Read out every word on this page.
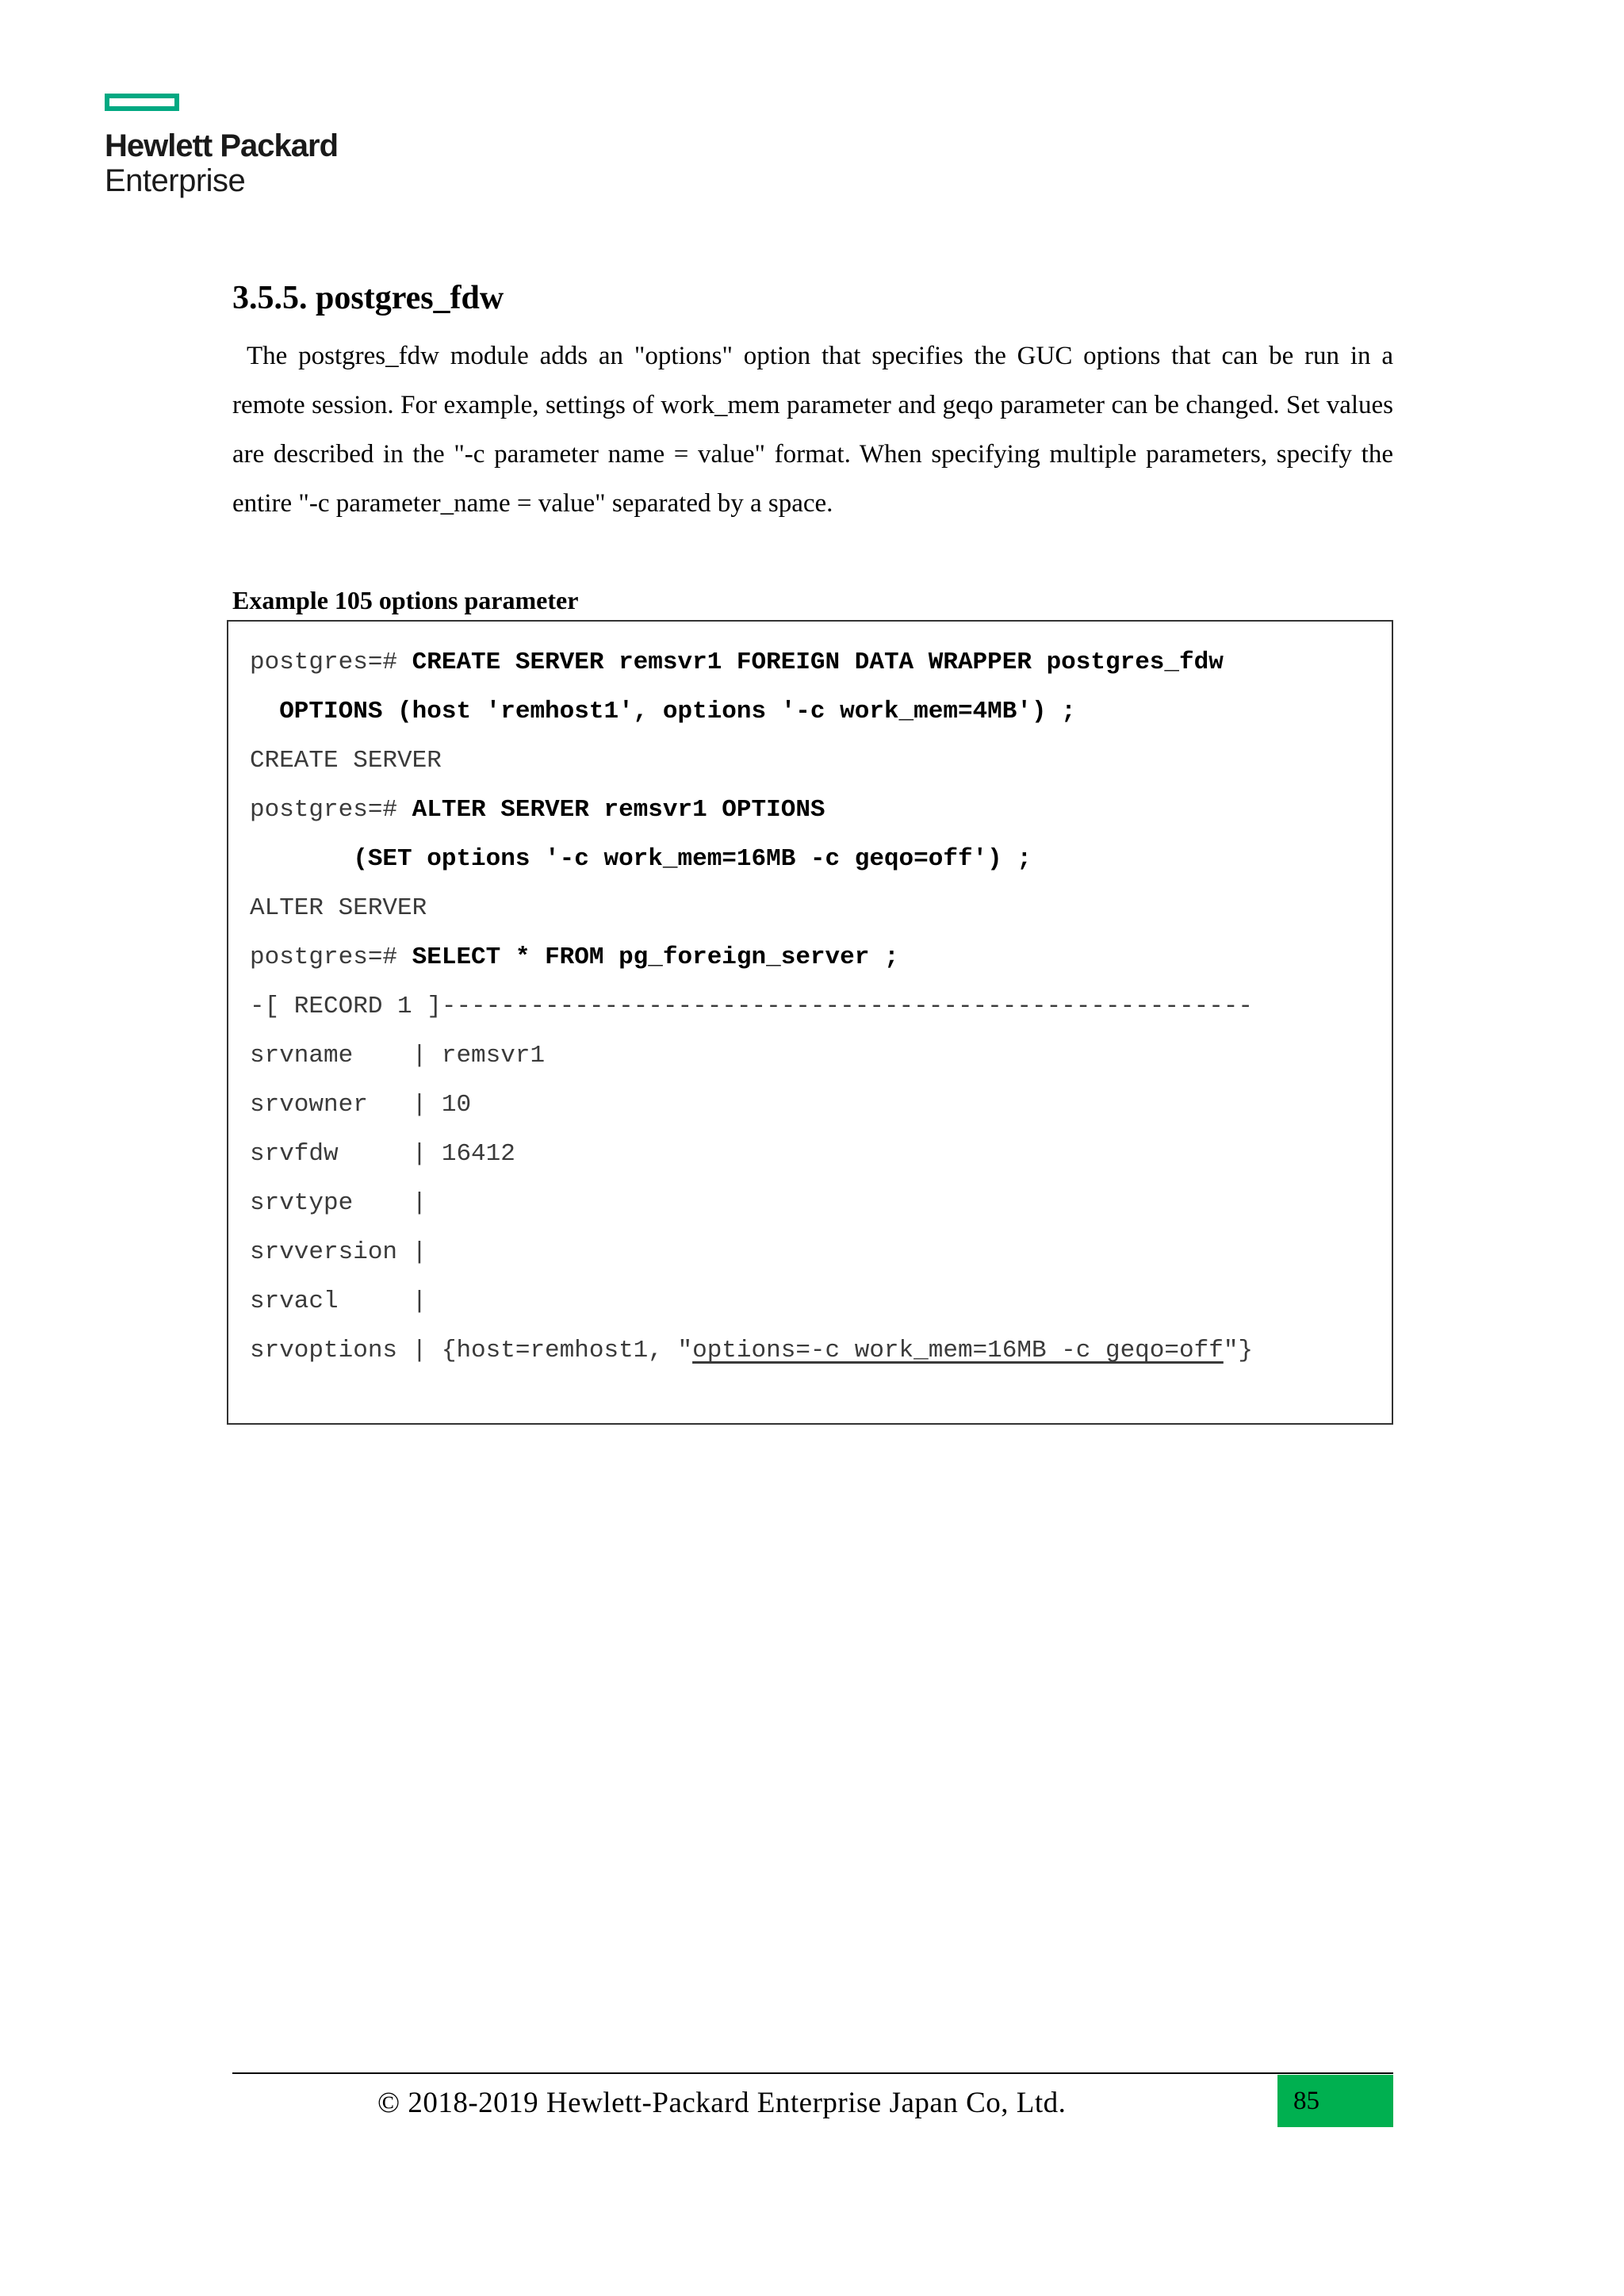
Hewlett Packard
Enterprise
3.5.5. postgres_fdw

The postgres_fdw module adds an "options" option that specifies the GUC options that can be run in a remote session. For example, settings of work_mem parameter and geqo parameter can be changed. Set values are described in the "-c parameter name = value" format. When specifying multiple parameters, specify the entire "-c parameter_name = value" separated by a space.

Example 105 options parameter
postgres=# CREATE SERVER remsvr1 FOREIGN DATA WRAPPER postgres_fdw
OPTIONS (host 'remhost1', options '-c work_mem=4MB') ;
CREATE SERVER
postgres=# ALTER SERVER remsvr1 OPTIONS
(SET options '-c work_mem=16MB -c geqo=off') ;
ALTER SERVER
postgres=# SELECT * FROM pg_foreign_server ;
-[ RECORD 1 ]-------------------------------------------------------
srvname    | remsvr1
srvowner   | 10
srvfdw     | 16412
srvtype    |
srvversion |
srvacl     |
srvoptions | {host=remhost1, "options=-c work_mem=16MB -c geqo=off"}
© 2018-2019 Hewlett-Packard Enterprise Japan Co, Ltd.	85
